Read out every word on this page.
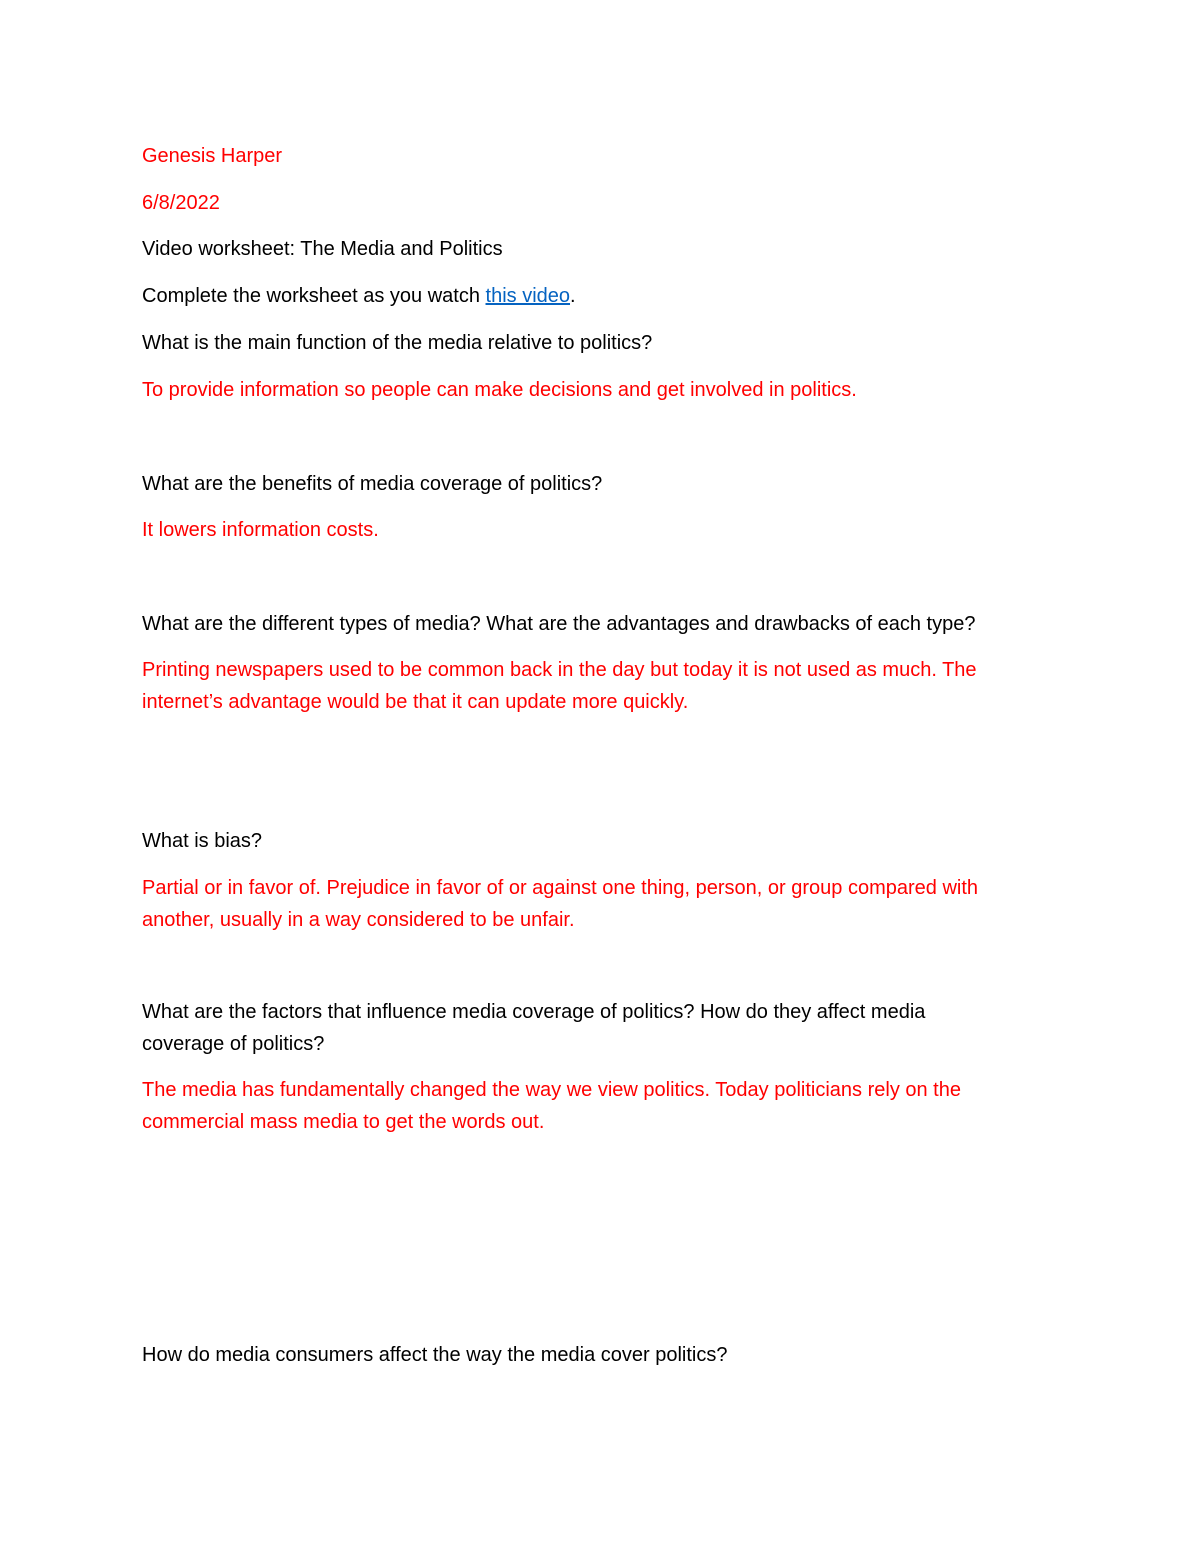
Genesis Harper
6/8/2022
Video worksheet: The Media and Politics
Complete the worksheet as you watch this video.
What is the main function of the media relative to politics?
To provide information so people can make decisions and get involved in politics.
What are the benefits of media coverage of politics?
It lowers information costs.
What are the different types of media? What are the advantages and drawbacks of each type?
Printing newspapers used to be common back in the day but today it is not used as much. The
internet’s advantage would be that it can update more quickly.
What is bias?
Partial or in favor of. Prejudice in favor of or against one thing, person, or group compared with
another, usually in a way considered to be unfair.
What are the factors that influence media coverage of politics? How do they affect media
coverage of politics?
The media has fundamentally changed the way we view politics. Today politicians rely on the
commercial mass media to get the words out.
How do media consumers affect the way the media cover politics?
